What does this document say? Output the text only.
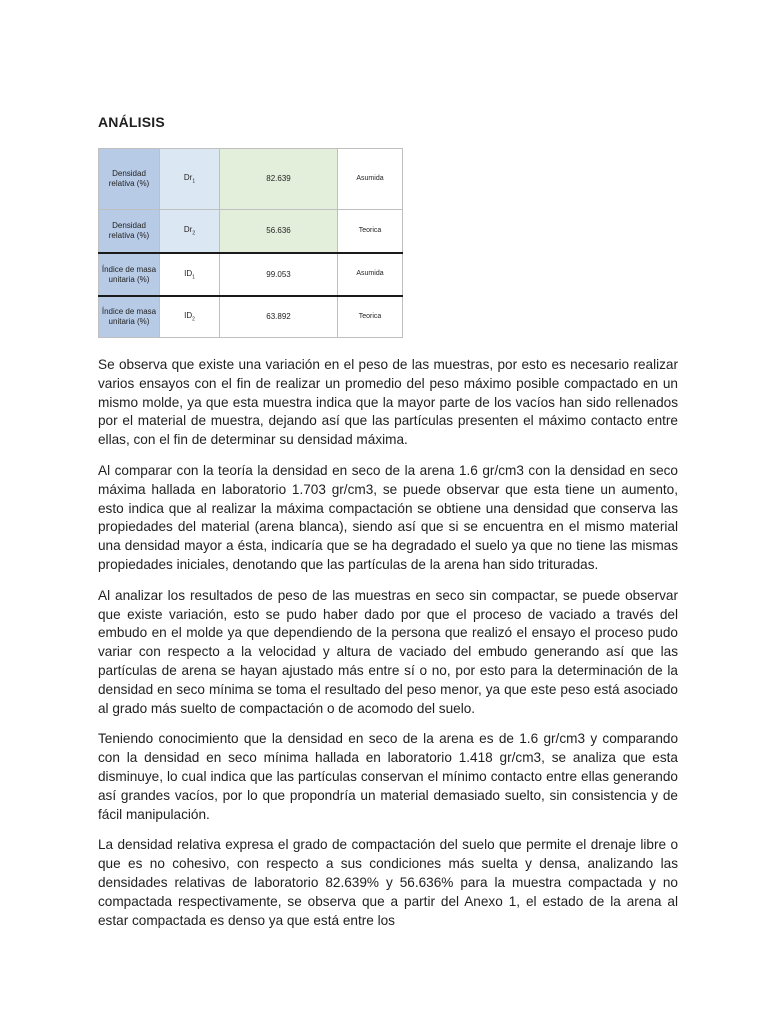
ANÁLISIS
Densidad relativa (%)	$Dr_1$	82.639	Asumida
Densidad relativa (%)	$Dr_2$	56.636	Teorica
Índice de masa unitaria (%)	$ID_1$	99.053	Asumida
Índice de masa unitaria (%)	$ID_2$	63.892	Teorica

Se observa que existe una variación en el peso de las muestras, por esto es necesario realizar varios ensayos con el fin de realizar un promedio del peso máximo posible compactado en un mismo molde, ya que esta muestra indica que la mayor parte de los vacíos han sido rellenados por el material de muestra, dejando así que las partículas presenten el máximo contacto entre ellas, con el fin de determinar su densidad máxima.

Al comparar con la teoría la densidad en seco de la arena 1.6 gr/cm3 con la densidad en seco máxima hallada en laboratorio 1.703 gr/cm3, se puede observar que esta tiene un aumento, esto indica que al realizar la máxima compactación se obtiene una densidad que conserva las propiedades del material (arena blanca), siendo así que si se encuentra en el mismo material una densidad mayor a ésta, indicaría que se ha degradado el suelo ya que no tiene las mismas propiedades iniciales, denotando que las partículas de la arena han sido trituradas.

Al analizar los resultados de peso de las muestras en seco sin compactar, se puede observar que existe variación, esto se pudo haber dado por que el proceso de vaciado a través del embudo en el molde ya que dependiendo de la persona que realizó el ensayo el proceso pudo variar con respecto a la velocidad y altura de vaciado del embudo generando así que las partículas de arena se hayan ajustado más entre sí o no, por esto para la determinación de la densidad en seco mínima se toma el resultado del peso menor, ya que este peso está asociado al grado más suelto de compactación o de acomodo del suelo.

Teniendo conocimiento que la densidad en seco de la arena es de 1.6 gr/cm3 y comparando con la densidad en seco mínima hallada en laboratorio 1.418 gr/cm3, se analiza que esta disminuye, lo cual indica que las partículas conservan el mínimo contacto entre ellas generando así grandes vacíos, por lo que propondría un material demasiado suelto, sin consistencia y de fácil manipulación.

La densidad relativa expresa el grado de compactación del suelo que permite el drenaje libre o que es no cohesivo, con respecto a sus condiciones más suelta y densa, analizando las densidades relativas de laboratorio 82.639% y 56.636% para la muestra compactada y no compactada respectivamente, se observa que a partir del Anexo 1, el estado de la arena al estar compactada es denso ya que está entre los
